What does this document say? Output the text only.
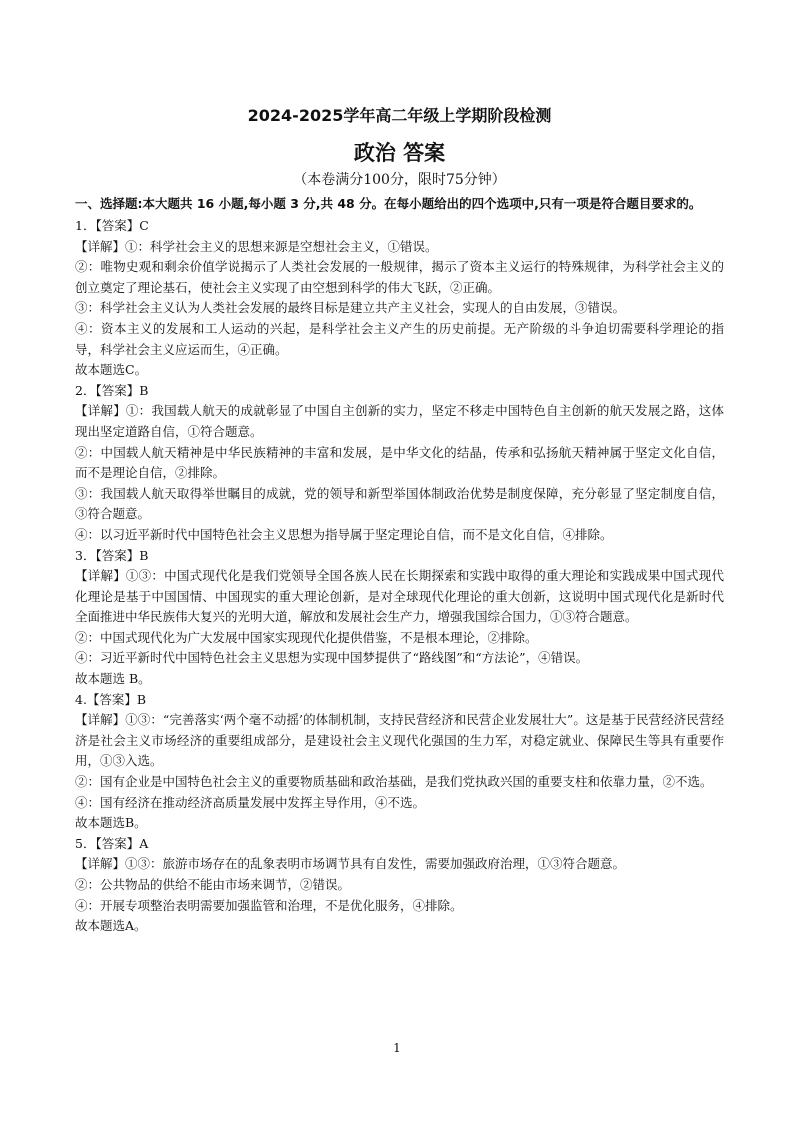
2024-2025学年高二年级上学期阶段检测
政治 答案

（本卷满分100分，限时75分钟）

一、选择题:本大题共 16 小题,每小题 3 分,共 48 分。在每小题给出的四个选项中,只有一项是符合题目要求的。

1．【答案】C

【详解】①：科学社会主义的思想来源是空想社会主义，①错误。

②：唯物史观和剩余价值学说揭示了人类社会发展的一般规律，揭示了资本主义运行的特殊规律，为科学社会主义的创立奠定了理论基石，使社会主义实现了由空想到科学的伟大飞跃，②正确。

③：科学社会主义认为人类社会发展的最终目标是建立共产主义社会，实现人的自由发展，③错误。

④：资本主义的发展和工人运动的兴起，是科学社会主义产生的历史前提。无产阶级的斗争迫切需要科学理论的指导，科学社会主义应运而生，④正确。

故本题选C。

2．【答案】B

【详解】①：我国载人航天的成就彰显了中国自主创新的实力，坚定不移走中国特色自主创新的航天发展之路，这体现出坚定道路自信，①符合题意。

②：中国载人航天精神是中华民族精神的丰富和发展，是中华文化的结晶，传承和弘扬航天精神属于坚定文化自信，而不是理论自信，②排除。

③：我国载人航天取得举世瞩目的成就，党的领导和新型举国体制政治优势是制度保障，充分彰显了坚定制度自信，③符合题意。

④：以习近平新时代中国特色社会主义思想为指导属于坚定理论自信，而不是文化自信，④排除。

3．【答案】B

【详解】①③：中国式现代化是我们党领导全国各族人民在长期探索和实践中取得的重大理论和实践成果中国式现代化理论是基于中国国情、中国现实的重大理论创新，是对全球现代化理论的重大创新，这说明中国式现代化是新时代全面推进中华民族伟大复兴的光明大道，解放和发展社会生产力，增强我国综合国力，①③符合题意。

②：中国式现代化为广大发展中国家实现现代化提供借鉴，不是根本理论，②排除。

④：习近平新时代中国特色社会主义思想为实现中国梦提供了“路线图”和“方法论”，④错误。

故本题选 B。

4.【答案】B

【详解】①③：“完善落实‘两个毫不动摇’的体制机制，支持民营经济和民营企业发展壮大”。这是基于民营经济民营经济是社会主义市场经济的重要组成部分，是建设社会主义现代化强国的生力军，对稳定就业、保障民生等具有重要作用，①③入选。

②：国有企业是中国特色社会主义的重要物质基础和政治基础，是我们党执政兴国的重要支柱和依靠力量，②不选。

④：国有经济在推动经济高质量发展中发挥主导作用，④不选。

故本题选B。

5．【答案】A

【详解】①③：旅游市场存在的乱象表明市场调节具有自发性，需要加强政府治理，①③符合题意。

②：公共物品的供给不能由市场来调节，②错误。

④：开展专项整治表明需要加强监管和治理，不是优化服务，④排除。

故本题选A。

1
